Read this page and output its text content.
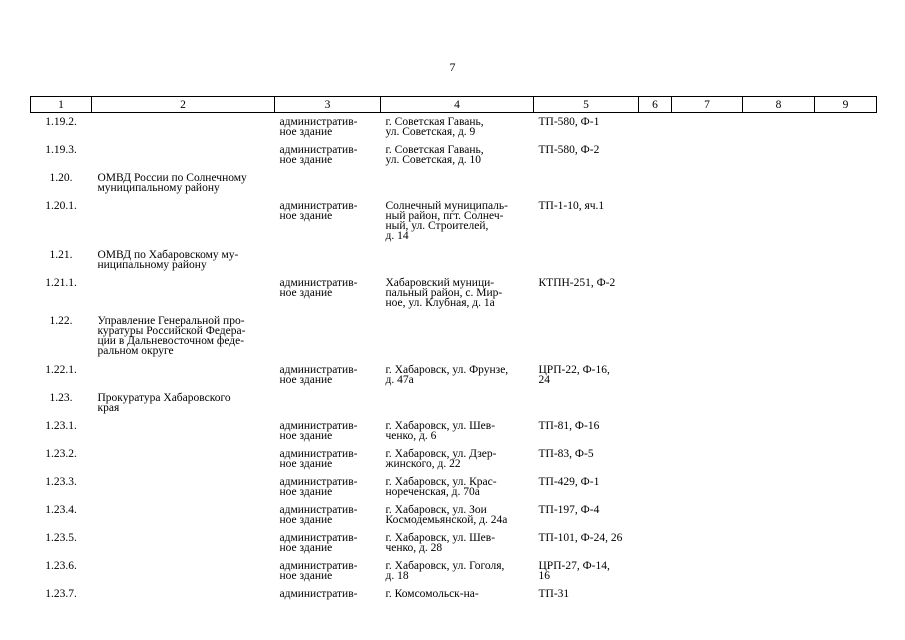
7
1	2	3	4	5	6	7	8	9

1.19.2.		административ-
ное здание	г. Советская Гавань,
ул. Советская, д. 9	ТП-580, Ф-1				

1.19.3.		административ-
ное здание	г. Советская Гавань,
ул. Советская, д. 10	ТП-580, Ф-2				

1.20.	ОМВД России по Солнечному
муниципальному району							

1.20.1.		административ-
ное здание	Солнечный муниципаль-
ный район, пгт. Солнеч-
ный, ул. Строителей,
д. 14	ТП-1-10, яч.1				

1.21.	ОМВД по Хабаровскому му-
ниципальному району							

1.21.1.		административ-
ное здание	Хабаровский муници-
пальный район, с. Мир-
ное, ул. Клубная, д. 1а	КТПН-251, Ф-2				

1.22.	Управление Генеральной про-
куратуры Российской Федера-
ции в Дальневосточном феде-
ральном округе							

1.22.1.		административ-
ное здание	г. Хабаровск, ул. Фрунзе,
д. 47а	ЦРП-22, Ф-16,
24				

1.23.	Прокуратура Хабаровского
края							

1.23.1.		административ-
ное здание	г. Хабаровск, ул. Шев-
ченко, д. 6	ТП-81, Ф-16				

1.23.2.		административ-
ное здание	г. Хабаровск, ул. Дзер-
жинского, д. 22	ТП-83, Ф-5				

1.23.3.		административ-
ное здание	г. Хабаровск, ул. Крас-
нореченская, д. 70а	ТП-429, Ф-1				

1.23.4.		административ-
ное здание	г. Хабаровск, ул. Зои
Космодемьянской, д. 24а	ТП-197, Ф-4				

1.23.5.		административ-
ное здание	г. Хабаровск, ул. Шев-
ченко, д. 28	ТП-101, Ф-24, 26				

1.23.6.		административ-
ное здание	г. Хабаровск, ул. Гоголя,
д. 18	ЦРП-27, Ф-14,
16				

1.23.7.		административ-	г. Комсомольск-на-	ТП-31				
